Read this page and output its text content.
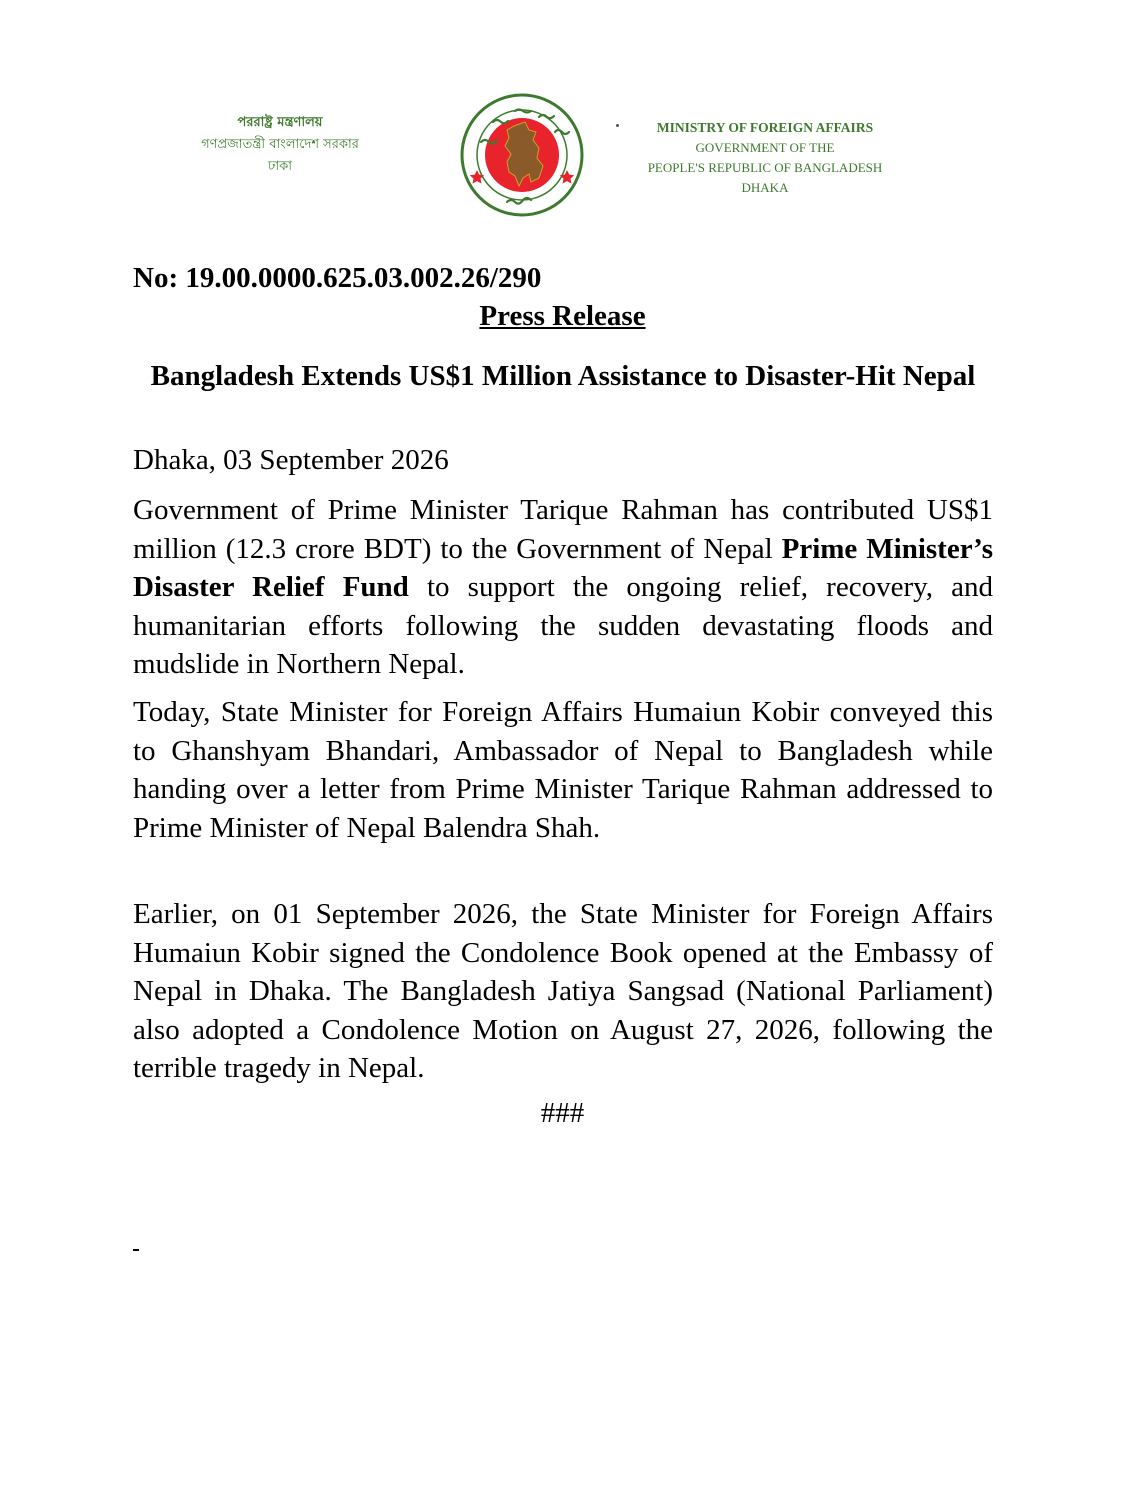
পররাষ্ট্র মন্ত্রণালয়
গণপ্রজাতন্ত্রী বাংলাদেশ সরকার
ঢাকা
MINISTRY OF FOREIGN AFFAIRS
GOVERNMENT OF THE
PEOPLE'S REPUBLIC OF BANGLADESH
DHAKA
No: 19.00.0000.625.03.002.26/290
Press Release
Bangladesh Extends US$1 Million Assistance to Disaster-Hit Nepal
Dhaka, 03 September 2026

Government of Prime Minister Tarique Rahman has contributed US$1 million (12.3 crore BDT) to the Government of Nepal Prime Minister’s Disaster Relief Fund to support the ongoing relief, recovery, and humanitarian efforts following the sudden devastating floods and mudslide in Northern Nepal.

Today, State Minister for Foreign Affairs Humaiun Kobir conveyed this to Ghanshyam Bhandari, Ambassador of Nepal to Bangladesh while handing over a letter from Prime Minister Tarique Rahman addressed to Prime Minister of Nepal Balendra Shah.

Earlier, on 01 September 2026, the State Minister for Foreign Affairs Humaiun Kobir signed the Condolence Book opened at the Embassy of Nepal in Dhaka. The Bangladesh Jatiya Sangsad (National Parliament) also adopted a Condolence Motion on August 27, 2026, following the terrible tragedy in Nepal.

###
